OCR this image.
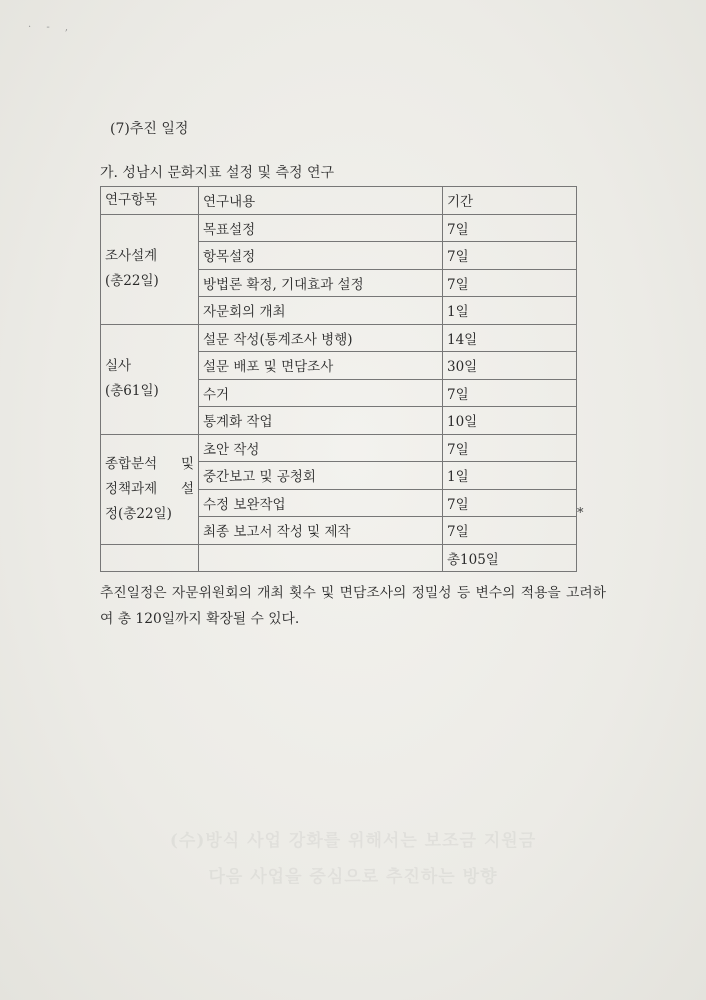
· - ,
(7)추진 일정
가. 성남시 문화지표 설정 및 측정 연구
연구항목	연구내용	기간
조사설계
(총22일)	목표설정	7일
	항목설정	7일
	방법론 확정, 기대효과 설정	7일
	자문회의 개최	1일
실사
(총61일)	설문 작성(통계조사 병행)	14일
	설문 배포 및 면담조사	30일
	수거	7일
	통계화 작업	10일

종합분석 및
정책과제 설
정(총22일)	초안 작성	7일
	중간보고 및 공청회	1일
	수정 보완작업	7일
	최종 보고서 작성 및 제작	7일
		총105일
*
추진일정은 자문위원회의 개최 횟수 및 면담조사의 정밀성 등 변수의 적용을 고려하여 총 120일까지 확장될 수 있다.
(수)방식 사업 강화를 위해서는 보조금 지원금
다음 사업을 중심으로 추진하는 방향
